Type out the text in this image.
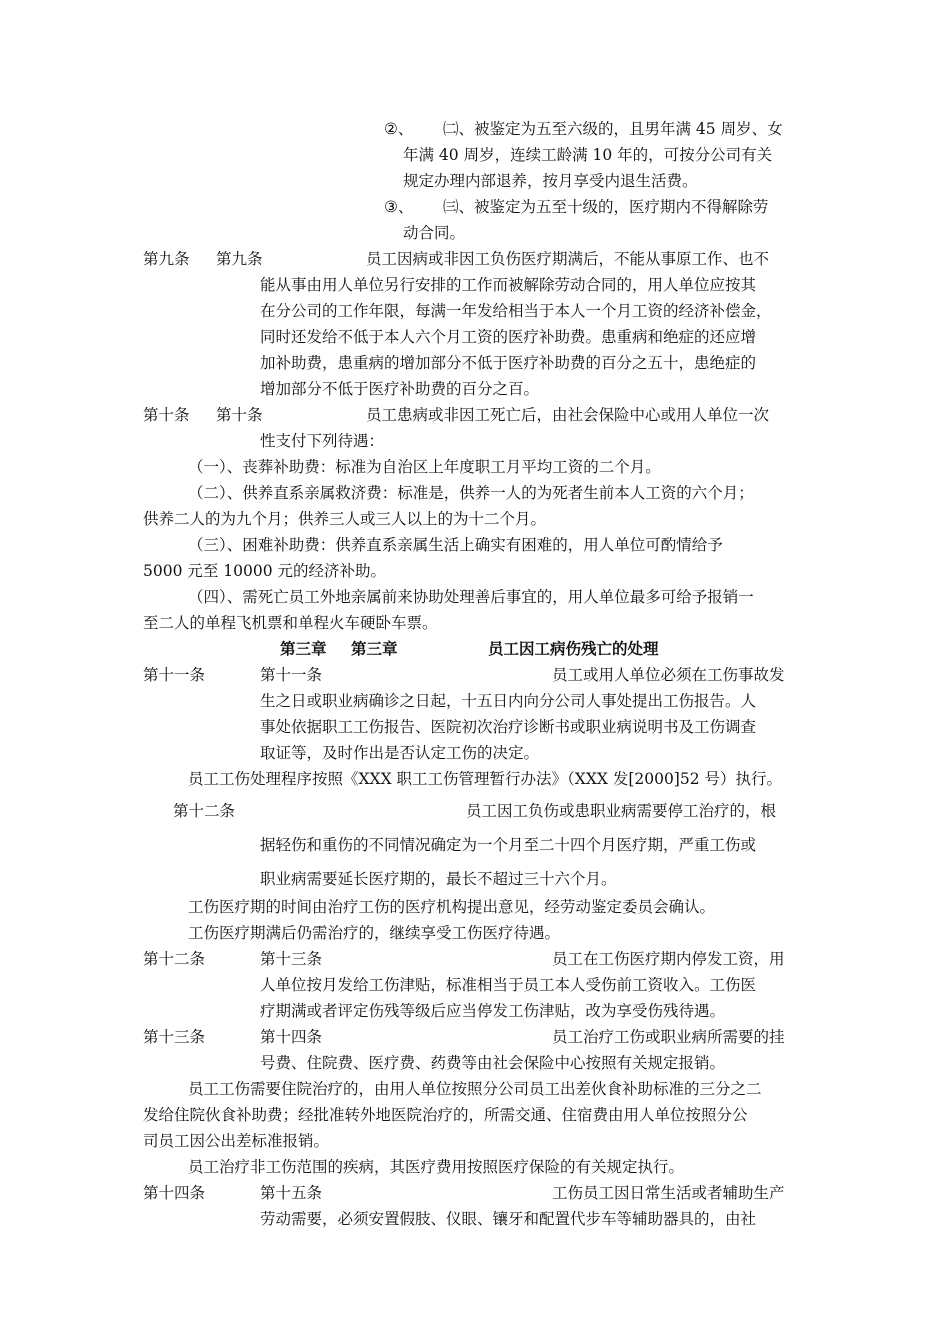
②、 ㈡、被鉴定为五至六级的，且男年满 45 周岁、女
年满 40 周岁，连续工龄满 10 年的，可按分公司有关
规定办理内部退养，按月享受内退生活费。
③、 ㈢、被鉴定为五至十级的，医疗期内不得解除劳
动合同。
第九条 第九条	员工因病或非因工负伤医疗期满后，不能从事原工作、也不
能从事由用人单位另行安排的工作而被解除劳动合同的，用人单位应按其
在分公司的工作年限，每满一年发给相当于本人一个月工资的经济补偿金，
同时还发给不低于本人六个月工资的医疗补助费。患重病和绝症的还应增
加补助费，患重病的增加部分不低于医疗补助费的百分之五十，患绝症的
增加部分不低于医疗补助费的百分之百。
第十条 第十条	员工患病或非因工死亡后，由社会保险中心或用人单位一次
性支付下列待遇：
（一）、丧葬补助费：标准为自治区上年度职工月平均工资的二个月。
（二）、供养直系亲属救济费：标准是，供养一人的为死者生前本人工资的六个月；
供养二人的为九个月；供养三人或三人以上的为十二个月。
（三）、困难补助费：供养直系亲属生活上确实有困难的，用人单位可酌情给予
5000 元至 10000 元的经济补助。
（四）、需死亡员工外地亲属前来协助处理善后事宜的，用人单位最多可给予报销一
至二人的单程飞机票和单程火车硬卧车票。
第三章 第三章	员工因工病伤残亡的处理
第十一条	第十一条	员工或用人单位必须在工伤事故发
生之日或职业病确诊之日起，十五日内向分公司人事处提出工伤报告。人
事处依据职工工伤报告、医院初次治疗诊断书或职业病说明书及工伤调查
取证等，及时作出是否认定工伤的决定。
员工工伤处理程序按照《XXX 职工工伤管理暂行办法》（XXX 发[2000]52 号）执行。
第十二条	员工因工负伤或患职业病需要停工治疗的，根
据轻伤和重伤的不同情况确定为一个月至二十四个月医疗期，严重工伤或
职业病需要延长医疗期的，最长不超过三十六个月。
工伤医疗期的时间由治疗工伤的医疗机构提出意见，经劳动鉴定委员会确认。
工伤医疗期满后仍需治疗的，继续享受工伤医疗待遇。
第十二条	第十三条	员工在工伤医疗期内停发工资，用
人单位按月发给工伤津贴，标准相当于员工本人受伤前工资收入。工伤医
疗期满或者评定伤残等级后应当停发工伤津贴，改为享受伤残待遇。
第十三条	第十四条	员工治疗工伤或职业病所需要的挂
号费、住院费、医疗费、药费等由社会保险中心按照有关规定报销。
员工工伤需要住院治疗的，由用人单位按照分公司员工出差伙食补助标准的三分之二
发给住院伙食补助费；经批准转外地医院治疗的，所需交通、住宿费由用人单位按照分公
司员工因公出差标准报销。
员工治疗非工伤范围的疾病，其医疗费用按照医疗保险的有关规定执行。
第十四条	第十五条	工伤员工因日常生活或者辅助生产
劳动需要，必须安置假肢、仪眼、镶牙和配置代步车等辅助器具的，由社
